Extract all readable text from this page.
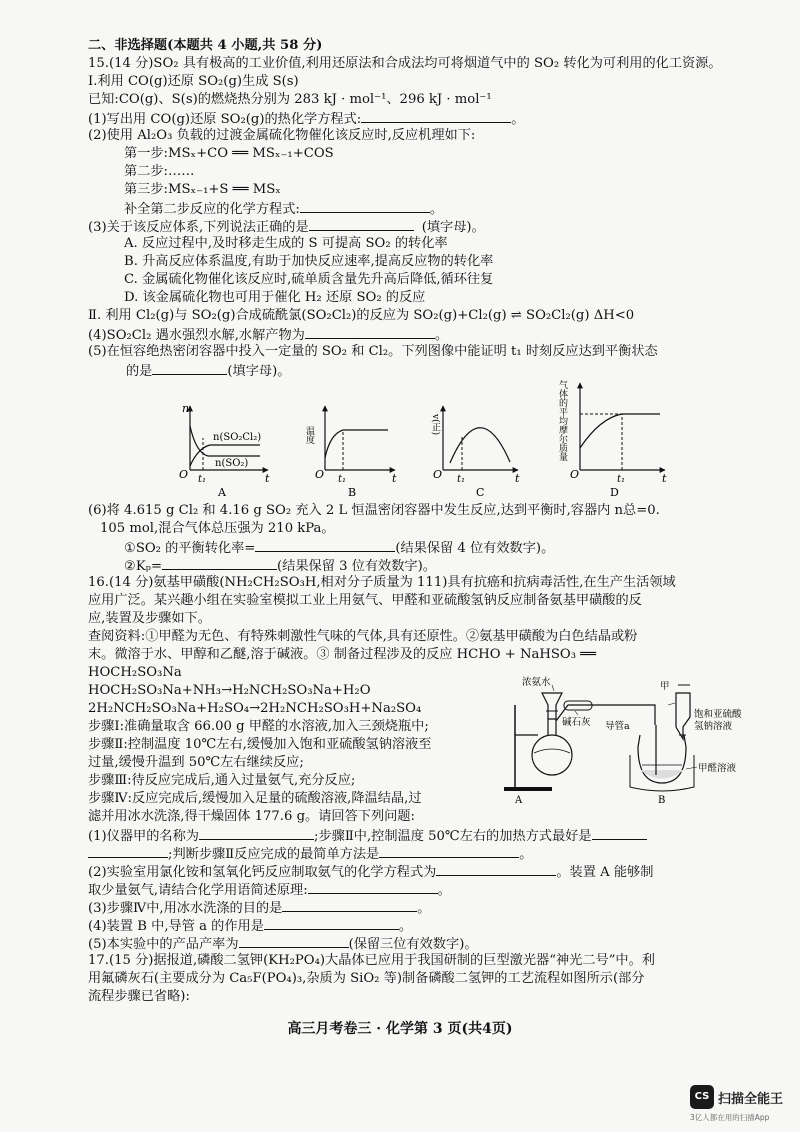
二、非选择题(本题共 4 小题,共 58 分)
15.(14 分)SO₂ 具有极高的工业价值,利用还原法和合成法均可将烟道气中的 SO₂ 转化为可利用的化工资源。
Ⅰ.利用 CO(g)还原 SO₂(g)生成 S(s)
已知:CO(g)、S(s)的燃烧热分别为 283 kJ · mol⁻¹、296 kJ · mol⁻¹
(1)写出用 CO(g)还原 SO₂(g)的热化学方程式:	。
(2)使用 Al₂O₃ 负载的过渡金属硫化物催化该反应时,反应机理如下:
第一步:MSₓ+CO ══ MSₓ₋₁+COS
第二步:……
第三步:MSₓ₋₁+S ══ MSₓ
补全第二步反应的化学方程式:	。
(3)关于该反应体系,下列说法正确的是	(填字母)。
A. 反应过程中,及时移走生成的 S 可提高 SO₂ 的转化率
B. 升高反应体系温度,有助于加快反应速率,提高反应物的转化率
C. 金属硫化物催化该反应时,硫单质含量先升高后降低,循环往复
D. 该金属硫化物也可用于催化 H₂ 还原 SO₂ 的反应
Ⅱ. 利用 Cl₂(g)与 SO₂(g)合成硫酰氯(SO₂Cl₂)的反应为 SO₂(g)+Cl₂(g) ⇌ SO₂Cl₂(g) ΔH<0
(4)SO₂Cl₂ 遇水强烈水解,水解产物为	。
(5)在恒容绝热密闭容器中投入一定量的 SO₂ 和 Cl₂。下列图像中能证明 t₁ 时刻反应达到平衡状态
的是	(填字母)。
n
n(SO₂Cl₂)
n(SO₂)
O t₁	t
A
温度
O t₁	t
B
v(正)
O t₁	t
C
气体的平均摩尔质量
O	t₁	t
D
(6)将 4.615 g Cl₂ 和 4.16 g SO₂ 充入 2 L 恒温密闭容器中发生反应,达到平衡时,容器内 n总=0.
105 mol,混合气体总压强为 210 kPa。
①SO₂ 的平衡转化率=	(结果保留 4 位有效数字)。
②Kₚ=	(结果保留 3 位有效数字)。
16.(14 分)氨基甲磺酸(NH₂CH₂SO₃H,相对分子质量为 111)具有抗癌和抗病毒活性,在生产生活领域
应用广泛。某兴趣小组在实验室模拟工业上用氨气、甲醛和亚硫酸氢钠反应制备氨基甲磺酸的反
应,装置及步骤如下。
查阅资料:①甲醛为无色、有特殊刺激性气味的气体,具有还原性。②氨基甲磺酸为白色结晶或粉
末。微溶于水、甲醇和乙醚,溶于碱液。③ 制备过程涉及的反应 HCHO + NaHSO₃ ══
HOCH₂SO₃Na
HOCH₂SO₃Na+NH₃→H₂NCH₂SO₃Na+H₂O
2H₂NCH₂SO₃Na+H₂SO₄→2H₂NCH₂SO₃H+Na₂SO₄
步骤Ⅰ:准确量取含 66.00 g 甲醛的水溶液,加入三颈烧瓶中;
步骤Ⅱ:控制温度 10℃左右,缓慢加入饱和亚硫酸氢钠溶液至
过量,缓慢升温到 50℃左右继续反应;
步骤Ⅲ:待反应完成后,通入过量氨气,充分反应;
步骤Ⅳ:反应完成后,缓慢加入足量的硫酸溶液,降温结晶,过
滤并用冰水洗涤,得干燥固体 177.6 g。请回答下列问题:
浓氨水
碱石灰
A
甲
导管a
饱和亚硫酸
氢钠溶液
甲醛溶液
B
(1)仪器甲的名称为	;步骤Ⅱ中,控制温度 50℃左右的加热方式最好是
;判断步骤Ⅱ反应完成的最简单方法是	。
(2)实验室用氯化铵和氢氧化钙反应制取氨气的化学方程式为	。装置 A 能够制
取少量氨气,请结合化学用语简述原理:	。
(3)步骤Ⅳ中,用冰水洗涤的目的是	。
(4)装置 B 中,导管 a 的作用是	。
(5)本实验中的产品产率为	(保留三位有效数字)。
17.(15 分)据报道,磷酸二氢钾(KH₂PO₄)大晶体已应用于我国研制的巨型激光器“神光二号”中。利
用氟磷灰石(主要成分为 Ca₅F(PO₄)₃,杂质为 SiO₂ 等)制备磷酸二氢钾的工艺流程如图所示(部分
流程步骤已省略):
高三月考卷三 · 化学第 3 页(共4页)
CS 扫描全能王
3亿人都在用的扫描App
